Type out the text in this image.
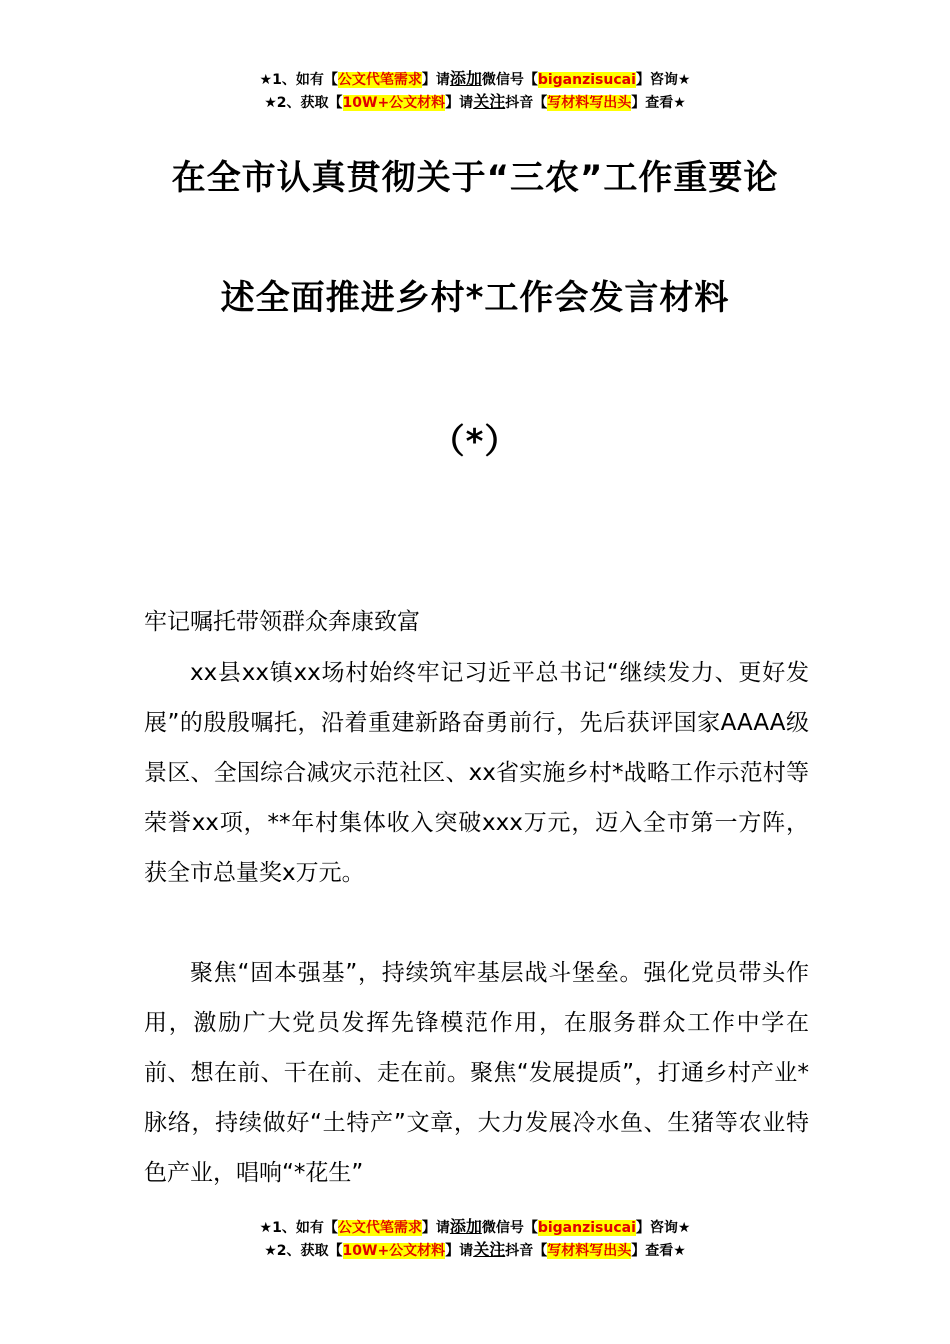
★1、如有【公文代笔需求】请添加微信号【biganzisucai】咨询★
★2、获取【10W+公文材料】请关注抖音【写材料写出头】查看★
在全市认真贯彻关于“三农”工作重要论
述全面推进乡村*工作会发言材料
（*）
牢记嘱托带领群众奔康致富

xx县xx镇xx场村始终牢记习近平总书记“继续发力、更好发展”的殷殷嘱托，沿着重建新路奋勇前行，先后获评国家AAAA级景区、全国综合减灾示范社区、xx省实施乡村*战略工作示范村等荣誉xx项，**年村集体收入突破xxx万元，迈入全市第一方阵，获全市总量奖x万元。

聚焦“固本强基”，持续筑牢基层战斗堡垒。强化党员带头作用，激励广大党员发挥先锋模范作用，在服务群众工作中学在前、想在前、干在前、走在前。聚焦“发展提质”，打通乡村产业*脉络，持续做好“土特产”文章，大力发展冷水鱼、生猪等农业特色产业，唱响“*花生”

★1、如有【公文代笔需求】请添加微信号【biganzisucai】咨询★
★2、获取【10W+公文材料】请关注抖音【写材料写出头】查看★
